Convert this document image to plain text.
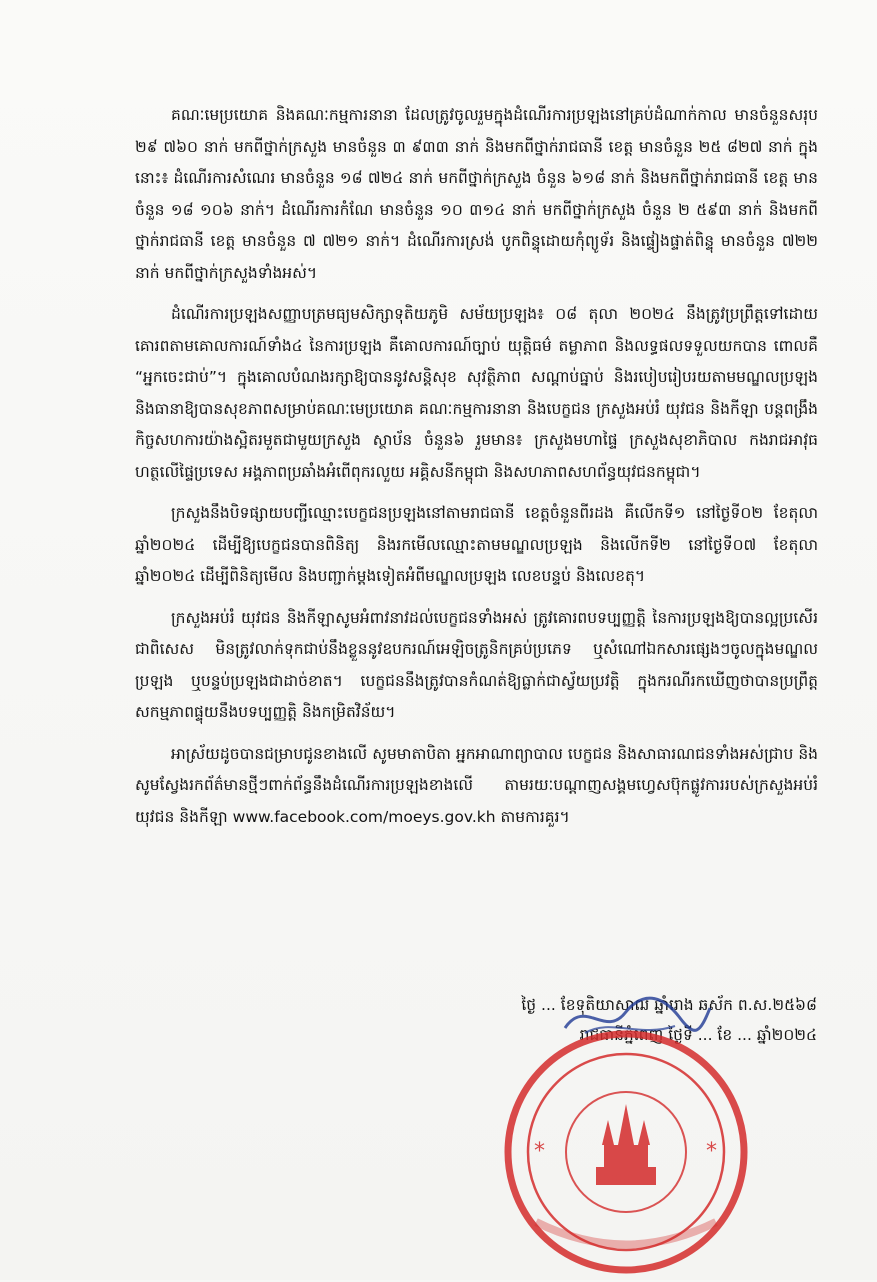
គណៈមេប្រយោគ និងគណៈកម្មការនានា ដែលត្រូវចូលរួមក្នុងដំណើរការប្រឡងនៅគ្រប់ដំណាក់កាល មានចំនួនសរុប ២៩ ៧៦០ នាក់ មកពីថ្នាក់ក្រសួង មានចំនួន ៣ ៩៣៣ នាក់ និងមកពីថ្នាក់រាជធានី ខេត្ត មានចំនួន ២៥ ៨២៧ នាក់ ក្នុងនោះ៖ ដំណើរការសំណេរ មានចំនួន ១៨ ៧២៤ នាក់ មកពីថ្នាក់ក្រសួង ចំនួន ៦១៨ នាក់ និងមកពីថ្នាក់រាជធានី ខេត្ត មានចំនួន ១៨ ១០៦ នាក់។ ដំណើរការកំណែ មានចំនួន ១០ ៣១៤ នាក់ មកពីថ្នាក់ក្រសួង ចំនួន ២ ៥៩៣ នាក់ និងមកពីថ្នាក់រាជធានី ខេត្ត មានចំនួន ៧ ៧២១ នាក់។ ដំណើរការស្រង់ បូកពិន្ទុដោយកុំព្យូទ័រ និងផ្ទៀងផ្ទាត់ពិន្ទុ មានចំនួន ៧២២ នាក់ មកពីថ្នាក់ក្រសួងទាំងអស់។

ដំណើរការប្រឡងសញ្ញាបត្រមធ្យមសិក្សាទុតិយភូមិ សម័យប្រឡង៖ ០៨ តុលា ២០២៤ នឹងត្រូវប្រព្រឹត្តទៅដោយគោរពតាមគោលការណ៍ទាំង៤ នៃការប្រឡង គឺគោលការណ៍ច្បាប់ យុត្តិធម៌ តម្លាភាព និងលទ្ធផលទទួលយកបាន ពោលគឺ “អ្នកចេះជាប់”។ ក្នុងគោលបំណងរក្សាឱ្យបាននូវសន្តិសុខ សុវត្ថិភាព សណ្តាប់ធ្នាប់ និងរបៀបរៀបរយតាមមណ្ឌលប្រឡង និងធានាឱ្យបានសុខភាពសម្រាប់គណៈមេប្រយោគ គណៈកម្មការនានា និងបេក្ខជន ក្រសួងអប់រំ យុវជន និងកីឡា បន្តពង្រឹងកិច្ចសហការយ៉ាងស្អិតរមួតជាមួយក្រសួង ស្ថាប័ន ចំនួន៦ រួមមាន៖ ក្រសួងមហាផ្ទៃ ក្រសួងសុខាភិបាល កងរាជអាវុធហត្ថលើផ្ទៃប្រទេស អង្គភាពប្រឆាំងអំពើពុករលួយ អគ្គិសនីកម្ពុជា និងសហភាពសហព័ន្ធយុវជនកម្ពុជា។

ក្រសួងនឹងបិទផ្សាយបញ្ជីឈ្មោះបេក្ខជនប្រឡងនៅតាមរាជធានី ខេត្តចំនួនពីរដង គឺលើកទី១ នៅថ្ងៃទី០២ ខែតុលា ឆ្នាំ២០២៤ ដើម្បីឱ្យបេក្ខជនបានពិនិត្យ និងរកមើលឈ្មោះតាមមណ្ឌលប្រឡង និងលើកទី២ នៅថ្ងៃទី០៧ ខែតុលា ឆ្នាំ២០២៤ ដើម្បីពិនិត្យមើល និងបញ្ជាក់ម្តងទៀតអំពីមណ្ឌលប្រឡង លេខបន្ទប់ និងលេខតុ។

ក្រសួងអប់រំ យុវជន និងកីឡាសូមអំពាវនាវដល់បេក្ខជនទាំងអស់ ត្រូវគោរពបទប្បញ្ញត្តិ នៃការប្រឡងឱ្យបានល្អប្រសើរ ជាពិសេស មិនត្រូវលាក់ទុកជាប់នឹងខ្លួននូវឧបករណ៍អេឡិចត្រូនិកគ្រប់ប្រភេទ ឬសំណៅឯកសារផ្សេងៗចូលក្នុងមណ្ឌលប្រឡង ឬបន្ទប់ប្រឡងជាដាច់ខាត។ បេក្ខជននឹងត្រូវបានកំណត់ឱ្យធ្លាក់ជាស្វ័យប្រវត្តិ ក្នុងករណីរកឃើញថាបានប្រព្រឹត្តសកម្មភាពផ្ទុយនឹងបទប្បញ្ញត្តិ និងកម្រិតវិន័យ។

អាស្រ័យដូចបានជម្រាបជូនខាងលើ សូមមាតាបិតា អ្នកអាណាព្យាបាល បេក្ខជន និងសាធារណជនទាំងអស់ជ្រាប និងសូមស្វែងរកព័ត៌មានថ្មីៗពាក់ព័ន្ធនឹងដំណើរការប្រឡងខាងលើ តាមរយៈបណ្តាញសង្គមហ្វេសប៊ុកផ្លូវការរបស់ក្រសួងអប់រំ យុវជន និងកីឡា www.facebook.com/moeys.gov.kh តាមការគួរ។

ថ្ងៃ ... ខែទុតិយាសាឍ ឆ្នាំរោង ឆស័ក ព.ស.២៥៦៨
រាជធានីភ្នំពេញ ថ្ងៃទី ... ខែ ... ឆ្នាំ២០២៤
*	*
